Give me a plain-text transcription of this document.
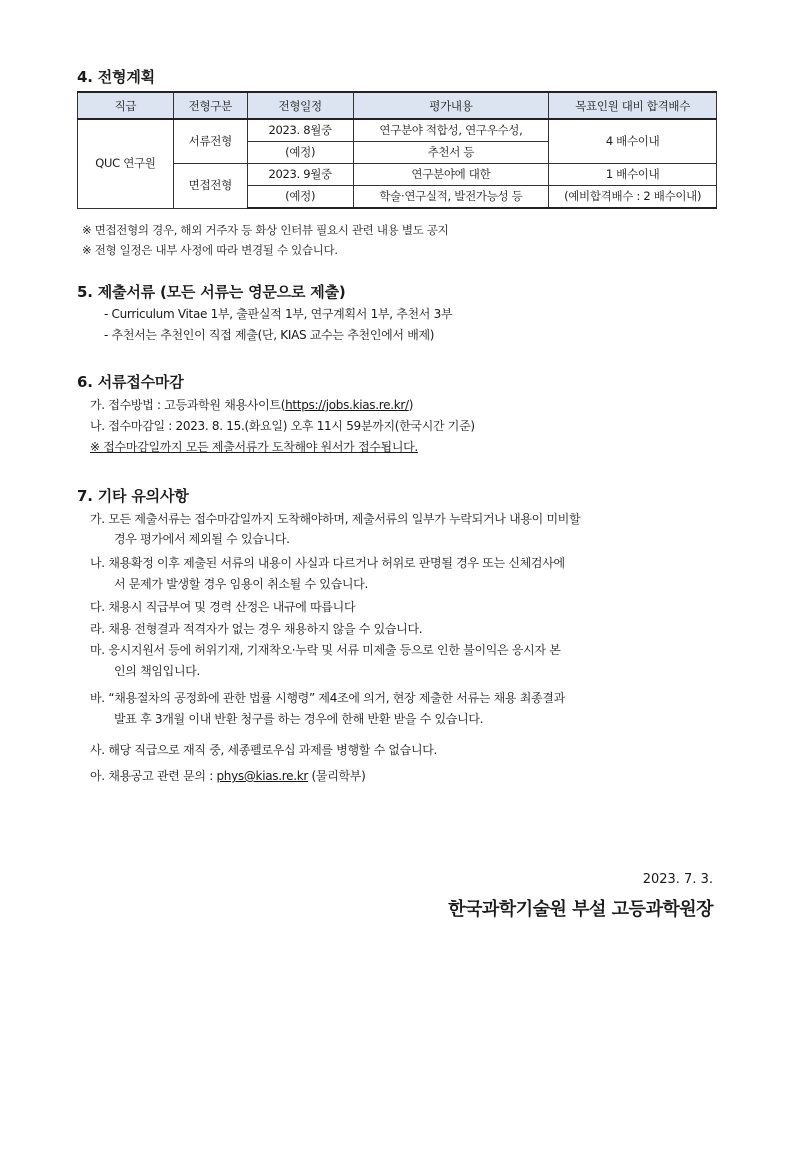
4. 전형계획
직급	전형구분	전형일정	평가내용	목표인원 대비 합격배수
QUC 연구원	서류전형	2023. 8월중	연구분야 적합성, 연구우수성,	4 배수이내
		(예정)	추천서 등	
	면접전형	2023. 9월중	연구분야에 대한	1 배수이내
		(예정)	학술·연구실적, 발전가능성 등	(예비합격배수 : 2 배수이내)
※ 면접전형의 경우, 해외 거주자 등 화상 인터뷰 필요시 관련 내용 별도 공지
※ 전형 일정은 내부 사정에 따라 변경될 수 있습니다.
5. 제출서류 (모든 서류는 영문으로 제출)
- Curriculum Vitae 1부, 출판실적 1부, 연구계획서 1부, 추천서 3부
- 추천서는 추천인이 직접 제출(단, KIAS 교수는 추천인에서 배제)
6. 서류접수마감
가. 접수방법 : 고등과학원 채용사이트(https://jobs.kias.re.kr/)
나. 접수마감일 : 2023. 8. 15.(화요일) 오후 11시 59분까지(한국시간 기준)
※ 접수마감일까지 모든 제출서류가 도착해야 원서가 접수됩니다.
7. 기타 유의사항
가. 모든 제출서류는 접수마감일까지 도착해야하며, 제출서류의 일부가 누락되거나 내용이 미비할
경우 평가에서 제외될 수 있습니다.
나. 채용확정 이후 제출된 서류의 내용이 사실과 다르거나 허위로 판명될 경우 또는 신체검사에
서 문제가 발생할 경우 임용이 취소될 수 있습니다.
다. 채용시 직급부여 및 경력 산정은 내규에 따릅니다
라. 채용 전형결과 적격자가 없는 경우 채용하지 않을 수 있습니다.
마. 응시지원서 등에 허위기재, 기재착오·누락 및 서류 미제출 등으로 인한 불이익은 응시자 본
인의 책임입니다.
바. “채용절차의 공정화에 관한 법률 시행령” 제4조에 의거, 현장 제출한 서류는 채용 최종결과
발표 후 3개월 이내 반환 청구를 하는 경우에 한해 반환 받을 수 있습니다.
사. 해당 직급으로 재직 중, 세종펠로우십 과제를 병행할 수 없습니다.
아. 채용공고 관련 문의 : phys@kias.re.kr (물리학부)
2023. 7. 3.
한국과학기술원 부설 고등과학원장
